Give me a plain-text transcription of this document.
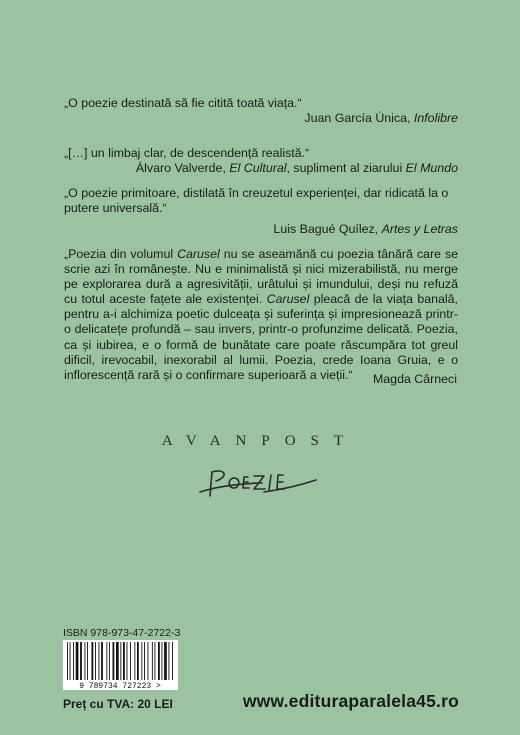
„O poezie destinată să fie citită toată viața.“
Juan García Única, Infolibre
„[…] un limbaj clar, de descendență realistă.“
Álvaro Valverde, El Cultural, supliment al ziarului El Mundo
„O poezie primitoare, distilată în creuzetul experienței, dar ridicată la o putere universală.“
Luis Bagué Quílez, Artes y Letras
„Poezia din volumul Carusel nu se aseamănă cu poezia tânără care se scrie azi în românește. Nu e minimalistă și nici mizerabilistă, nu merge pe explorarea dură a agresivității, urâtului și imundului, deși nu refuză cu totul aceste fațete ale existenței. Carusel pleacă de la viața banală, pentru a-i alchimiza poetic dulceața și suferința și impresionează printr-o delicatețe profundă – sau invers, printr-o profunzime delicată. Poezia, ca și iubirea, e o formă de bunătate care poate răscumpăra tot greul dificil, irevocabil, inexorabil al lumii. Poezia, crede Ioana Gruia, e o inflorescență rară și o confirmare superioară a vieții.“	Magda Cârneci
AVANPOST
ISBN 978-973-47-2722-3
9 789734 727223 >
Preț cu TVA: 20 LEI	www.edituraparalela45.ro
